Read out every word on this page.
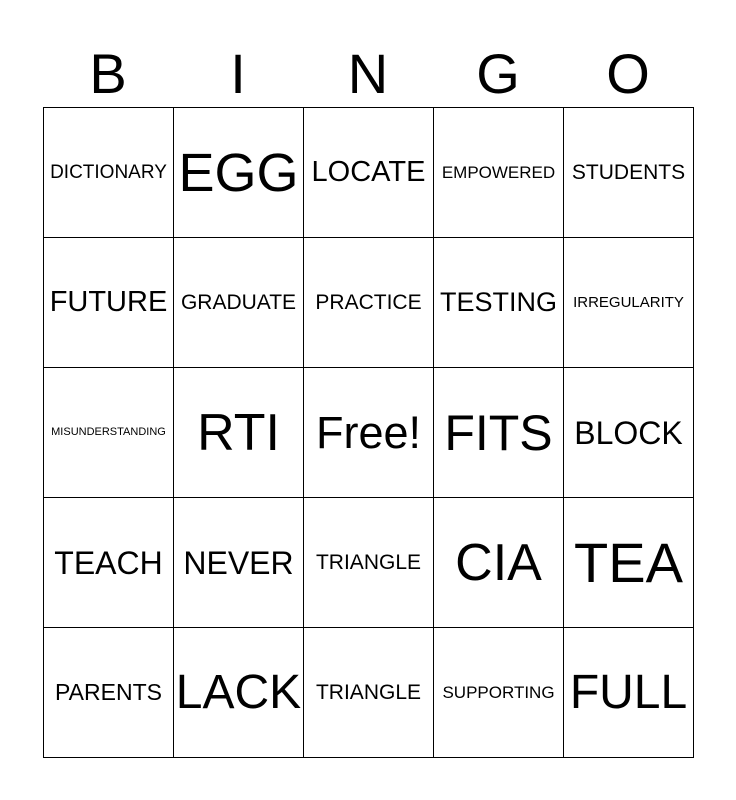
B	I	N	G	O
DICTIONARY EGG LOCATE EMPOWERED STUDENTS
FUTURE GRADUATE PRACTICE TESTING	IRREGULARITY
MISUNDERSTANDING RTI Free! FITS BLOCK
TEACH NEVER	TRIANGLE CIA TEA
PARENTS LACK TRIANGLE	SUPPORTING FULL
